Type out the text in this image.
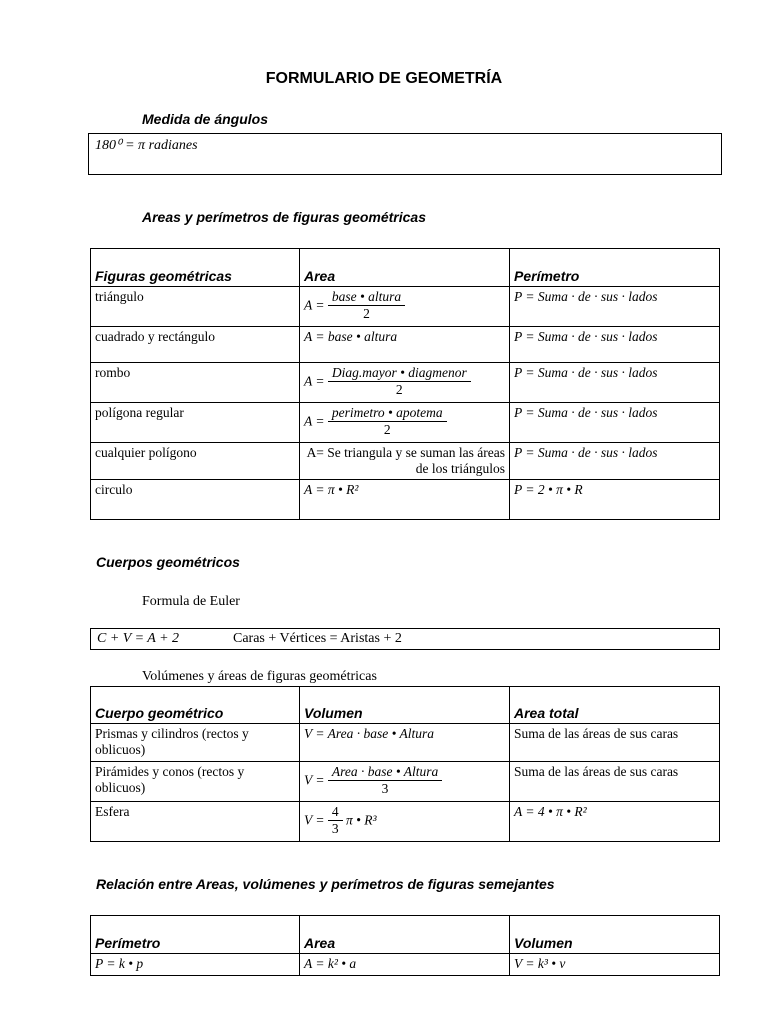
FORMULARIO DE GEOMETRÍA
Medida de ángulos
180⁰ = π radianes
Areas y perímetros de figuras geométricas
Figuras geométricas	Area	Perímetro
triángulo	$A = \frac{\text{base • altura}}{2}$	P = Suma · de · sus · lados
cuadrado y rectángulo	A = base • altura	P = Suma · de · sus · lados
rombo	$A = \frac{\text{Diag.mayor • diagmenor}}{2}$	P = Suma · de · sus · lados
polígona regular	$A = \frac{\text{perimetro • apotema}}{2}$	P = Suma · de · sus · lados
cualquier polígono	A= Se triangula y se suman las áreas de los triángulos	P = Suma · de · sus · lados
circulo	A = π • R²	P = 2 • π • R
Cuerpos geométricos
Formula de Euler
C + V = A + 2	Caras + Vértices = Aristas + 2
Volúmenes y áreas de figuras geométricas
Cuerpo geométrico	Volumen	Area total
Prismas y cilindros (rectos y oblicuos)	V = Area · base • Altura	Suma de las áreas de sus caras
Pirámides y conos (rectos y oblicuos)	$V = \frac{\text{Area · base • Altura}}{3}$	Suma de las áreas de sus caras
Esfera	$V = \frac{4}{3}$ π • R³	A = 4 • π • R²
Relación entre Areas, volúmenes y perímetros de figuras semejantes
Perímetro	Area	Volumen
P = k • p	A = k² • a	V = k³ • v
